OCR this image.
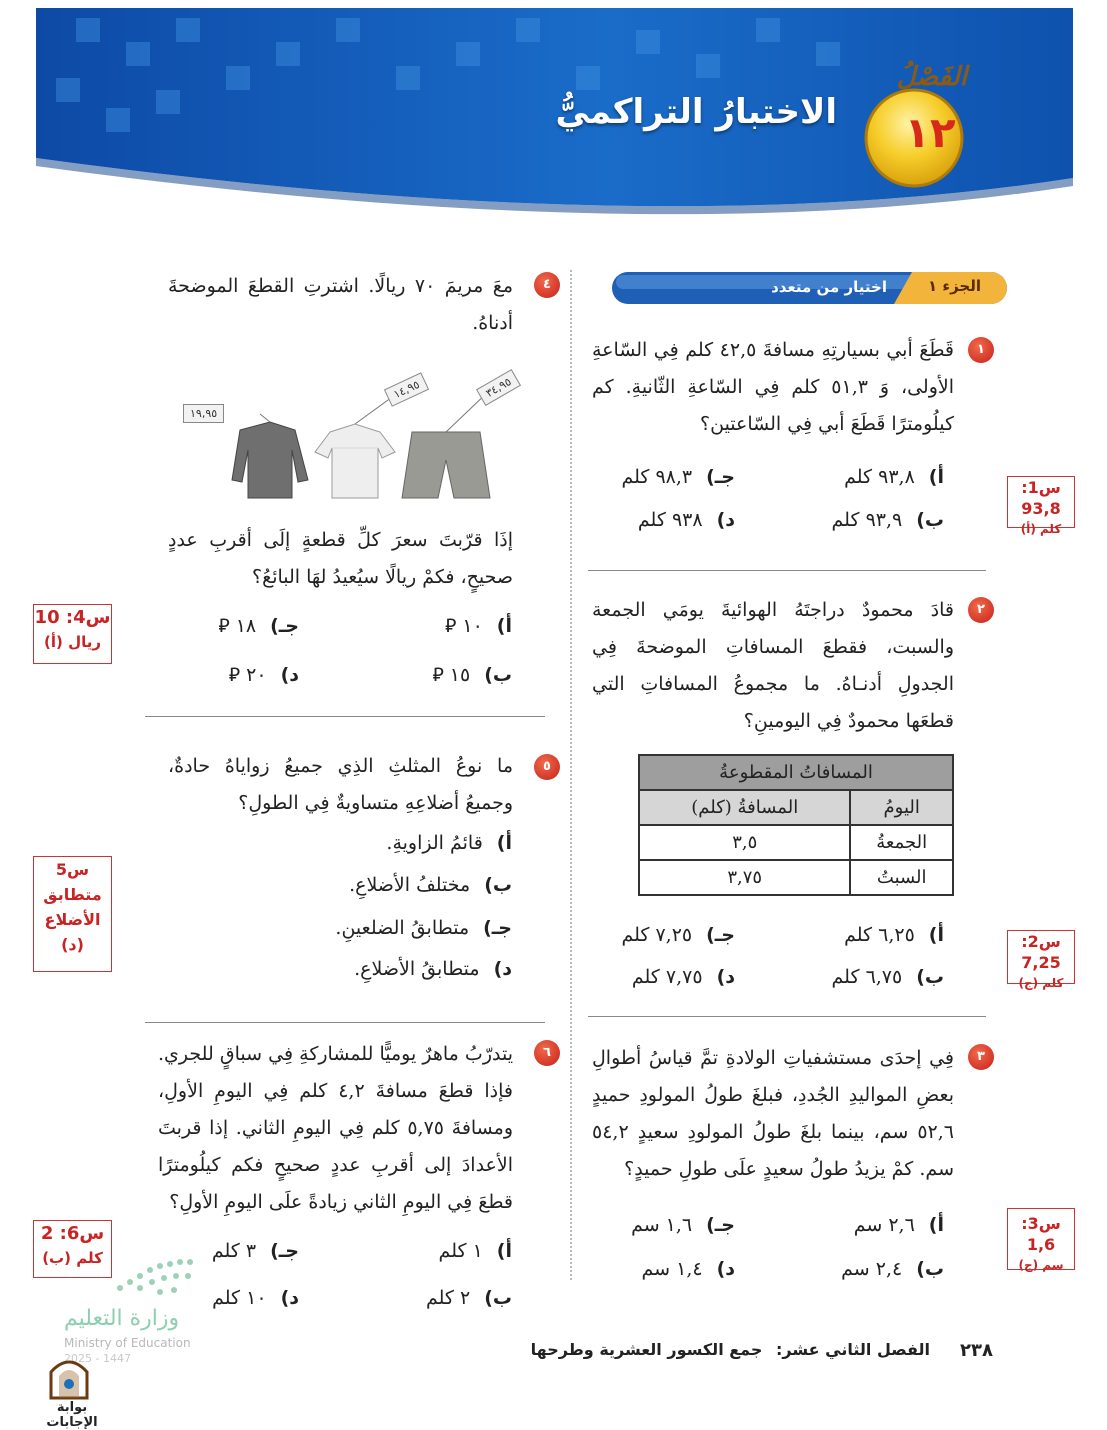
الفَصْلُ
الاختبارُ التراكميُّ	١٢
الجزء ١
اختيار من متعدد
١
قَطَعَ أبي بسيارتِهِ مسافةَ ٤٢,٥ كلم فِي السّاعةِ الأولى، وَ ٥١,٣ كلم فِي السّاعةِ الثّانيةِ. كم كيلُومترًا قَطَعَ أبي فِي السّاعتين؟
أ)٩٣,٨ كلم
جـ)٩٨,٣ كلم
ب)٩٣,٩ كلم
د)٩٣٨ كلم
س1: 93,8
كلم (أ)
٢
قادَ محمودٌ دراجتَهُ الهوائيةَ يومَي الجمعة والسبت، فقطعَ المسافاتِ الموضحةَ فِي الجدولِ أدنـاهُ. ما مجموعُ المسافاتِ التي قطعَها محمودٌ فِي اليومينِ؟
المسافاتُ المقطوعةُ	
اليومُ	المسافةُ (كلم)
الجمعةُ	٣,٥
السبتُ	٣,٧٥
أ)٦,٢٥ كلم
جـ)٧,٢٥ كلم
ب)٦,٧٥ كلم
د)٧,٧٥ كلم
س2: 7,25
كلم (ج)
٣
فِي إحدَى مستشفياتِ الولادةِ تمَّ قياسُ أطوالِ بعضِ المواليدِ الجُددِ، فبلغَ طولُ المولودِ حميدٍ ٥٢,٦ سم، بينما بلغَ طولُ المولودِ سعيدٍ ٥٤,٢ سم. كمْ يزيدُ طولُ سعيدٍ علَى طولِ حميدٍ؟
أ)٢,٦ سم
جـ)١,٦ سم
ب)٢,٤ سم
د)١,٤ سم
س3: 1,6
سم (ج)
٤
معَ مريمَ ٧٠ ريالًا. اشترتِ القطعَ الموضحةَ أدناهُ.
١٩,٩٥
١٤,٩٥	٣٤,٩٥
إذَا قرّبتَ سعرَ كلِّ قطعةٍ إلَى أقربِ عددٍ صحيحٍ، فكمْ ريالًا سيُعيدُ لهَا البائعُ؟
أ)١٠ ⃁
جـ)١٨ ⃁
ب)١٥ ⃁
د)٢٠ ⃁
س4: 10
ريال (أ)
٥
ما نوعُ المثلثِ الذِي جميعُ زواياهُ حادةٌ، وجميعُ أضلاعِهِ متساويةٌ فِي الطولِ؟
أ)قائمُ الزاويةِ.
ب)مختلفُ الأضلاعِ.
جـ)متطابقُ الضلعينِ.
د)متطابقُ الأضلاعِ.
س5
متطابق
الأضلاع
(د)
٦
يتدرّبُ ماهرٌ يوميًّا للمشاركةِ فِي سباقٍ للجري. فإذا قطعَ مسافةَ ٤,٢ كلم فِي اليومِ الأولِ، ومسافةَ ٥,٧٥ كلم فِي اليومِ الثاني. إذا قربتَ الأعدادَ إلى أقربِ عددٍ صحيحٍ فكم كيلُومترًا قطعَ فِي اليومِ الثاني زيادةً علَى اليومِ الأولِ؟
أ)١ كلم
جـ)٣ كلم
ب)٢ كلم
د)١٠ كلم
س6: 2
كلم (ب)
وزارة التعليم
Ministry of Education
2025 - 1447
بوابة الإجابات
٢٣٨
الفصل الثاني عشر: جمع الكسور العشرية وطرحها
